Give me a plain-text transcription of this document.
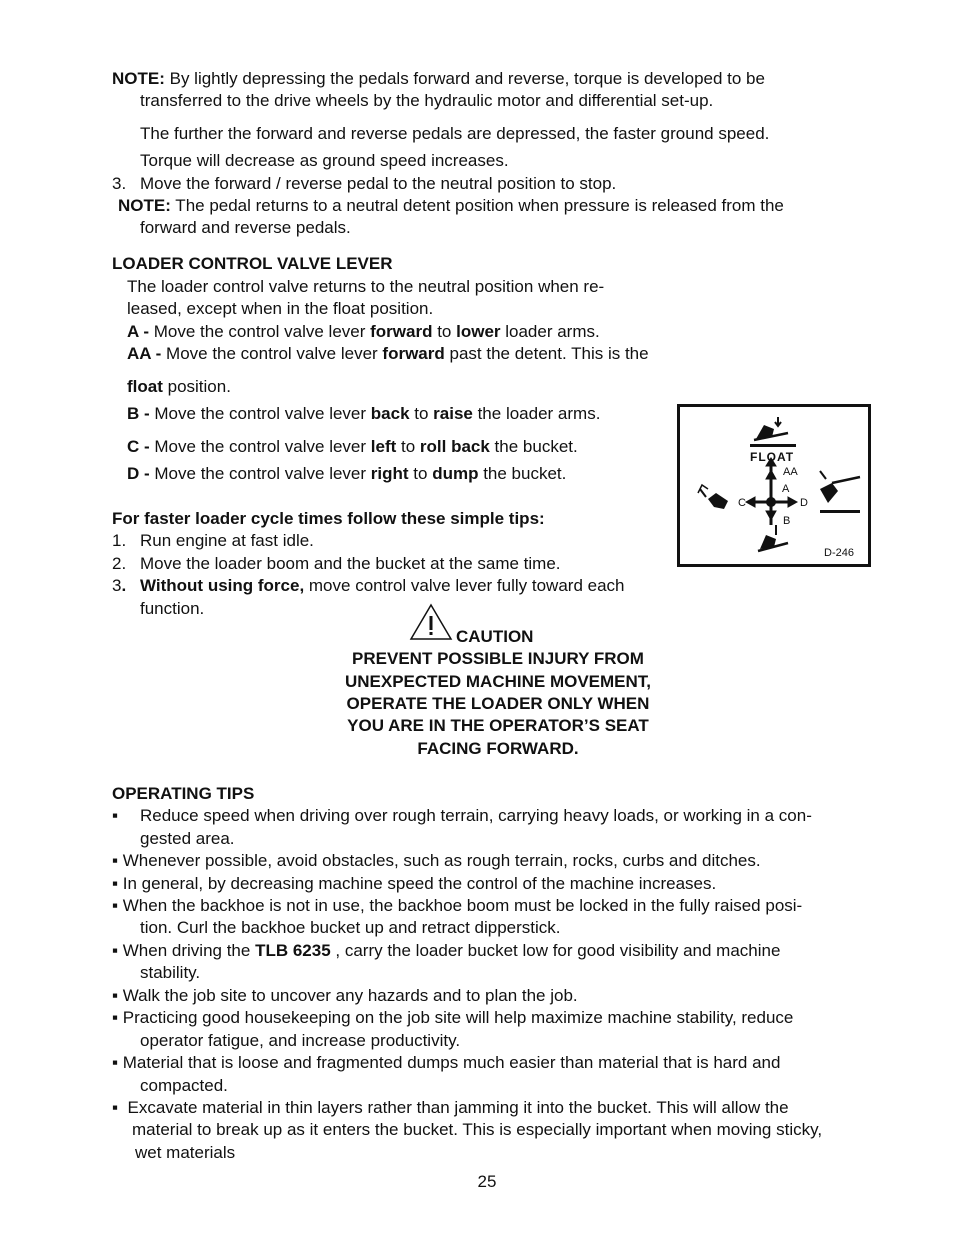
NOTE: By lightly depressing the pedals forward and reverse, torque is developed to be
transferred to the drive wheels by the hydraulic motor and differential set-up.
The further the forward and reverse pedals are depressed, the faster ground speed.
Torque will decrease as ground speed increases.
3. Move the forward / reverse pedal to the neutral position to stop.
NOTE: The pedal returns to a neutral detent position when pressure is released from the
forward and reverse pedals.
LOADER CONTROL VALVE LEVER
The loader control valve returns to the neutral position when re-
leased, except when in the float position.
A - Move the control valve lever forward to lower loader arms.
AA - Move the control valve lever forward past the detent. This is the
float position.
B - Move the control valve lever back to raise the loader arms.
C - Move the control valve lever left to roll back the bucket.
D - Move the control valve lever right to dump the bucket.
FLOAT
AA
A
C	D
B
D-246
For faster loader cycle times follow these simple tips:
1. Run engine at fast idle.
2. Move the loader boom and the bucket at the same time.
3. Without using force, move control valve lever fully toward each
function.
CAUTION
PREVENT POSSIBLE INJURY FROM
UNEXPECTED MACHINE MOVEMENT,
OPERATE THE LOADER ONLY WHEN
YOU ARE IN THE OPERATOR’S SEAT
FACING FORWARD.
OPERATING TIPS
▪ Reduce speed when driving over rough terrain, carrying heavy loads, or working in a con-
gested area.
▪ Whenever possible, avoid obstacles, such as rough terrain, rocks, curbs and ditches.
▪ In general, by decreasing machine speed the control of the machine increases.
▪ When the backhoe is not in use, the backhoe boom must be locked in the fully raised posi-
tion. Curl the backhoe bucket up and retract dipperstick.
▪ When driving the TLB 6235 , carry the loader bucket low for good visibility and machine
stability.
▪ Walk the job site to uncover any hazards and to plan the job.
▪ Practicing good housekeeping on the job site will help maximize machine stability, reduce
operator fatigue, and increase productivity.
▪ Material that is loose and fragmented dumps much easier than material that is hard and
compacted.
▪ Excavate material in thin layers rather than jamming it into the bucket. This will allow the
material to break up as it enters the bucket. This is especially important when moving sticky,
wet materials
25
